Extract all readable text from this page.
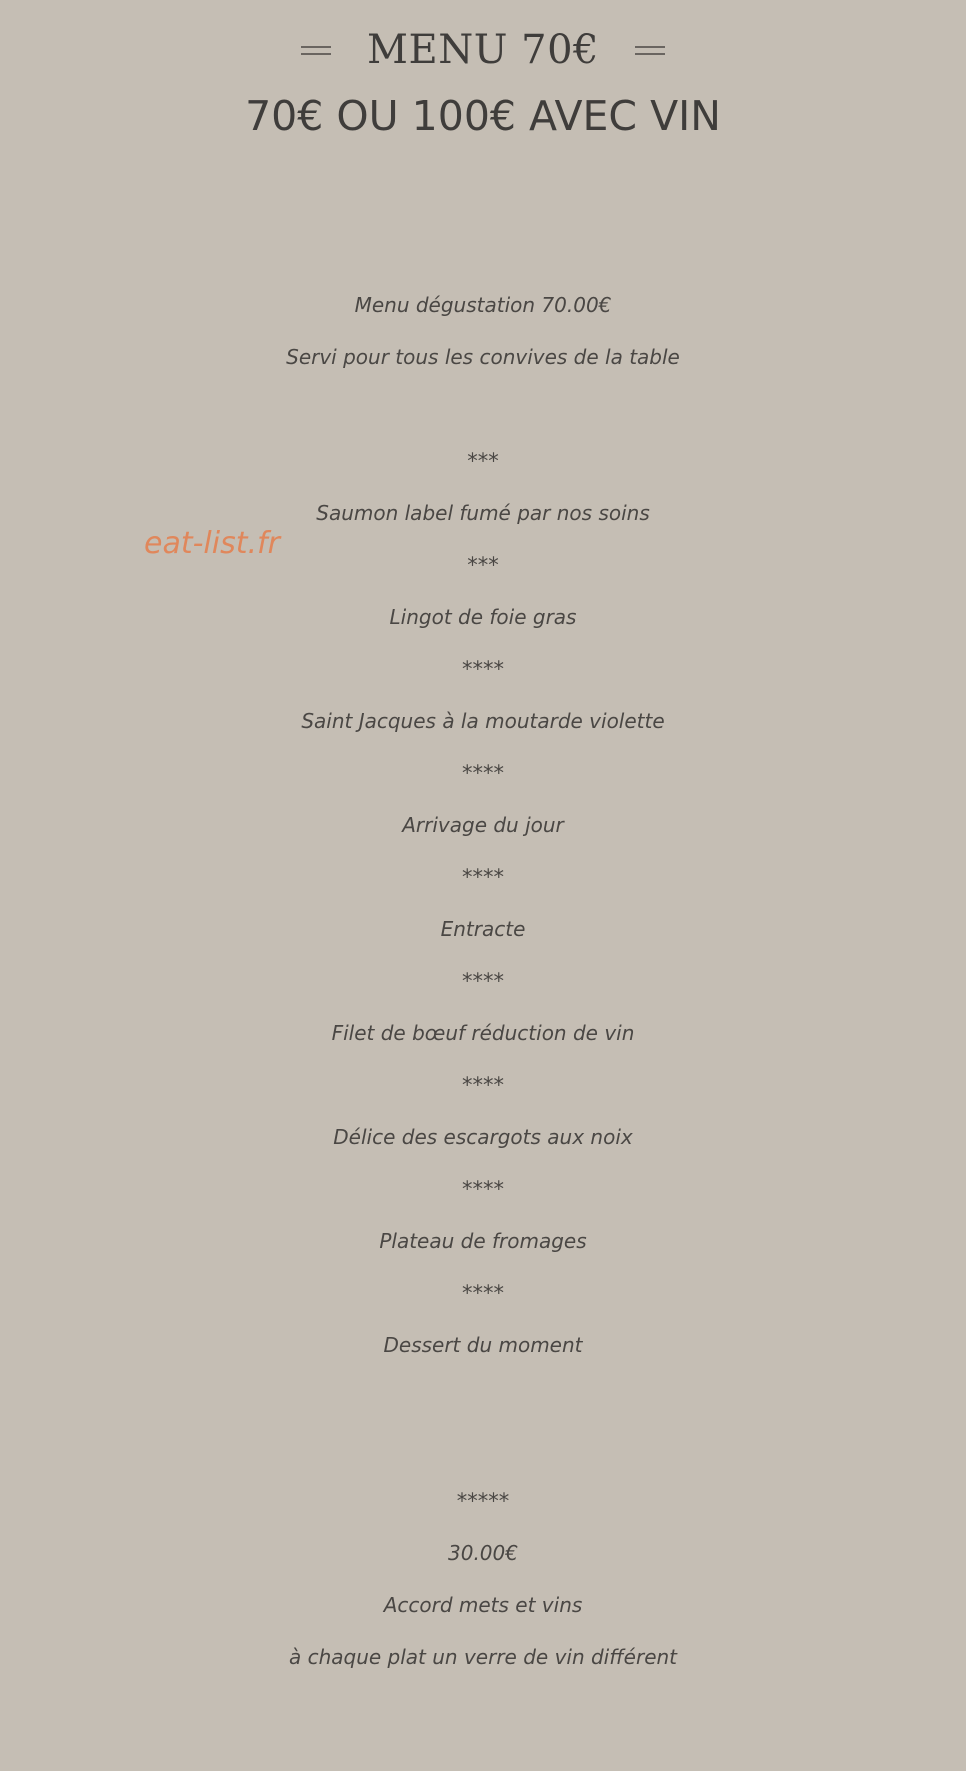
MENU 70€
70€ OU 100€ AVEC VIN
eat-list.fr

Menu dégustation 70.00€

Servi pour tous les convives de la table

***

Saumon label fumé par nos soins

***

Lingot de foie gras

****

Saint Jacques à la moutarde violette

****

Arrivage du jour

****

Entracte

****

Filet de bœuf réduction de vin

****

Délice des escargots aux noix

****

Plateau de fromages

****

Dessert du moment

*****

30.00€

Accord mets et vins

à chaque plat un verre de vin différent
